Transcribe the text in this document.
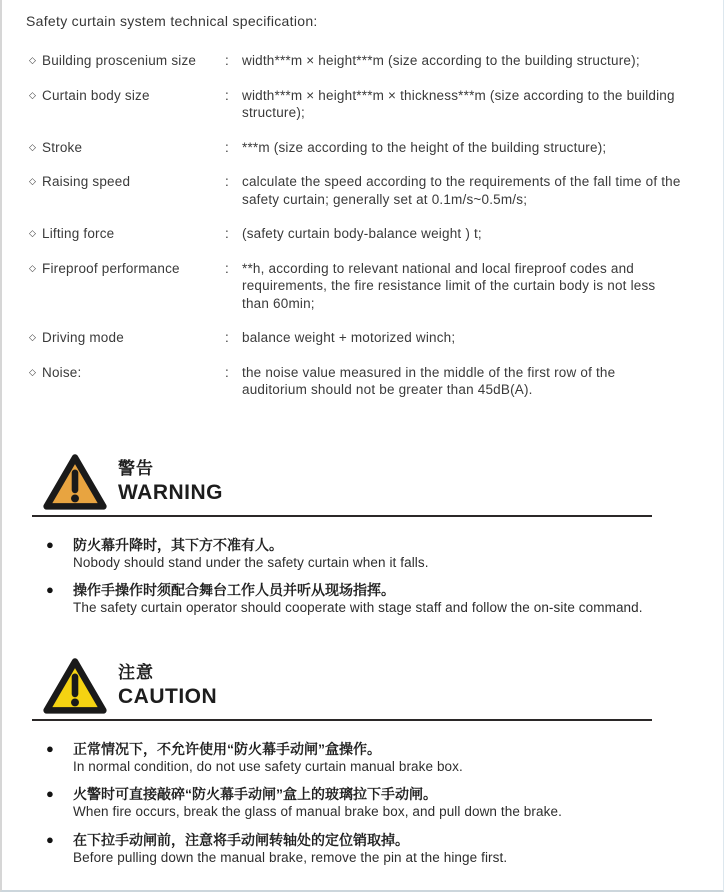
Safety curtain system technical specification:
◇ Building proscenium size	: width***m × height***m (size according to the building structure);
◇ Curtain body size	: width***m × height***m × thickness***m (size according to the building structure);
◇ Stroke	: ***m (size according to the height of the building structure);
◇ Raising speed	: calculate the speed according to the requirements of the fall time of the safety curtain; generally set at 0.1m/s~0.5m/s;
◇ Lifting force	: (safety curtain body-balance weight ) t;
◇ Fireproof performance	: **h, according to relevant national and local fireproof codes and requirements, the fire resistance limit of the curtain body is not less than 60min;
◇ Driving mode	: balance weight + motorized winch;
◇ Noise:	: the noise value measured in the middle of the first row of the auditorium should not be greater than 45dB(A).
警告
WARNING
●	防火幕升降时，其下方不准有人。
Nobody should stand under the safety curtain when it falls.
●	操作手操作时须配合舞台工作人员并听从现场指挥。
The safety curtain operator should cooperate with stage staff and follow the on-site command.
注意
CAUTION
●	正常情况下，不允许使用“防火幕手动闸”盒操作。
In normal condition, do not use safety curtain manual brake box.
●	火警时可直接敲碎“防火幕手动闸”盒上的玻璃拉下手动闸。
When fire occurs, break the glass of manual brake box, and pull down the brake.
●	在下拉手动闸前，注意将手动闸转轴处的定位销取掉。
Before pulling down the manual brake, remove the pin at the hinge first.
